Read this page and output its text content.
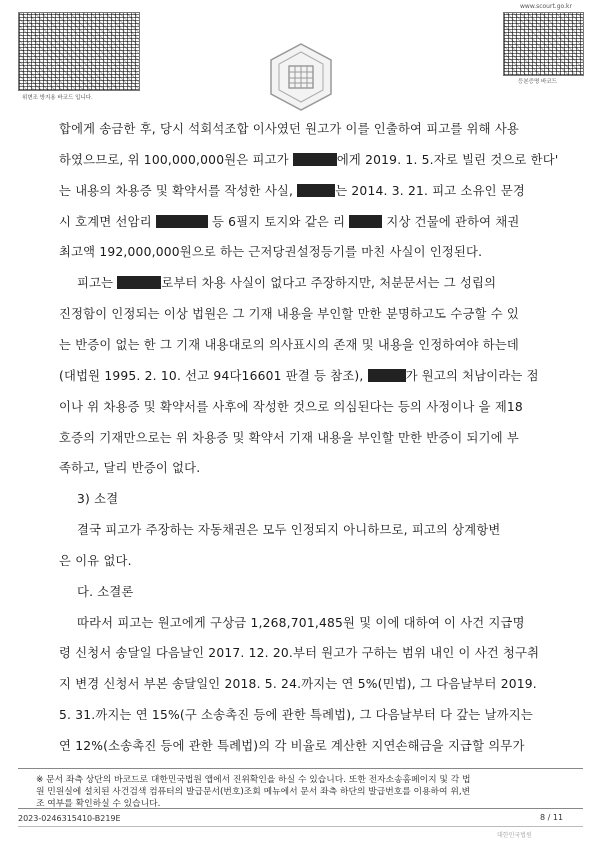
www.scourt.go.kr
위변조 방지용 바코드 입니다.
등본증명 바코드
합에게 송금한 후, 당시 석회석조합 이사였던 원고가 이를 인출하여 피고를 위해 사용
하였으므로, 위 100,000,000원은 피고가	에게 2019. 1. 5.자로 빌린 것으로 한다'
는 내용의 차용증 및 확약서를 작성한 사실,	는 2014. 3. 21. 피고 소유인 문경
시 호계면 선암리	등 6필지 토지와 같은 리	지상 건물에 관하여 채권
최고액 192,000,000원으로 하는 근저당권설정등기를 마친 사실이 인정된다.
피고는	로부터 차용 사실이 없다고 주장하지만, 처분문서는 그 성립의
진정함이 인정되는 이상 법원은 그 기재 내용을 부인할 만한 분명하고도 수긍할 수 있
는 반증이 없는 한 그 기재 내용대로의 의사표시의 존재 및 내용을 인정하여야 하는데
(대법원 1995. 2. 10. 선고 94다16601 판결 등 참조),	가 원고의 처남이라는 점
이나 위 차용증 및 확약서를 사후에 작성한 것으로 의심된다는 등의 사정이나 을 제18
호증의 기재만으로는 위 차용증 및 확약서 기재 내용을 부인할 만한 반증이 되기에 부
족하고, 달리 반증이 없다.
3) 소결
결국 피고가 주장하는 자동채권은 모두 인정되지 아니하므로, 피고의 상계항변
은 이유 없다.
다. 소결론
따라서 피고는 원고에게 구상금 1,268,701,485원 및 이에 대하여 이 사건 지급명
령 신청서 송달일 다음날인 2017. 12. 20.부터 원고가 구하는 범위 내인 이 사건 청구취
지 변경 신청서 부본 송달일인 2018. 5. 24.까지는 연 5%(민법), 그 다음날부터 2019.
5. 31.까지는 연 15%(구 소송촉진 등에 관한 특례법), 그 다음날부터 다 갚는 날까지는
연 12%(소송촉진 등에 관한 특례법)의 각 비율로 계산한 지연손해금을 지급할 의무가
※ 문서 좌측 상단의 바코드로 대한민국법원 앱에서 진위확인을 하실 수 있습니다. 또한 전자소송홈페이지 및 각 법
원 민원실에 설치된 사건검색 컴퓨터의 발급문서(번호)조회 메뉴에서 문서 좌측 하단의 발급번호를 이용하여 위,변
조 여부를 확인하실 수 있습니다.
2023-0246315410-B219E	8 / 11
대한민국법원
